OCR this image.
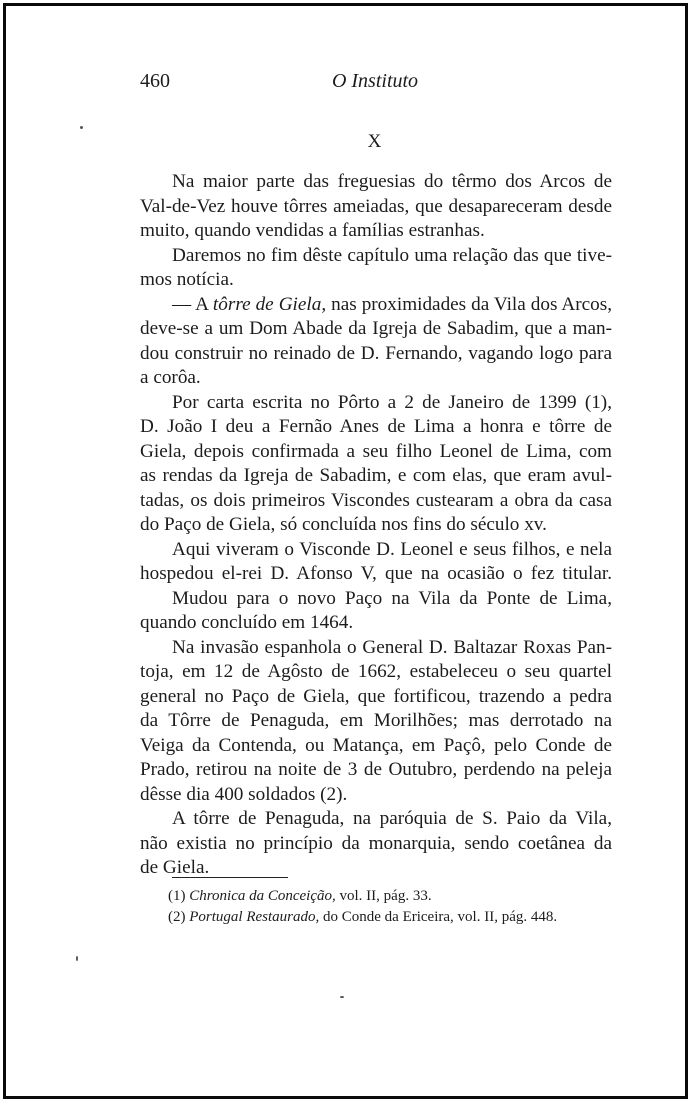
460	O Instituto
X
Na maior parte das freguesias do têrmo dos Arcos de
Val-de-Vez houve tôrres ameiadas, que desapareceram desde
muito, quando vendidas a famílias estranhas.
Daremos no fim dêste capítulo uma relação das que tive-
mos notícia.
— A tôrre de Giela, nas proximidades da Vila dos Arcos,
deve-se a um Dom Abade da Igreja de Sabadim, que a man-
dou construir no reinado de D. Fernando, vagando logo para
a corôa.
Por carta escrita no Pôrto a 2 de Janeiro de 1399 (1),
D. João I deu a Fernão Anes de Lima a honra e tôrre de
Giela, depois confirmada a seu filho Leonel de Lima, com
as rendas da Igreja de Sabadim, e com elas, que eram avul-
tadas, os dois primeiros Viscondes custearam a obra da casa
do Paço de Giela, só concluída nos fins do século xv.
Aqui viveram o Visconde D. Leonel e seus filhos, e nela
hospedou el-rei D. Afonso V, que na ocasião o fez titular.
Mudou para o novo Paço na Vila da Ponte de Lima,
quando concluído em 1464.
Na invasão espanhola o General D. Baltazar Roxas Pan-
toja, em 12 de Agôsto de 1662, estabeleceu o seu quartel
general no Paço de Giela, que fortificou, trazendo a pedra
da Tôrre de Penaguda, em Morilhões; mas derrotado na
Veiga da Contenda, ou Matança, em Paçô, pelo Conde de
Prado, retirou na noite de 3 de Outubro, perdendo na peleja
dêsse dia 400 soldados (2).
A tôrre de Penaguda, na paróquia de S. Paio da Vila,
não existia no princípio da monarquia, sendo coetânea da
de Giela.
(1) Chronica da Conceição, vol. II, pág. 33.
(2) Portugal Restaurado, do Conde da Ericeira, vol. II, pág. 448.
